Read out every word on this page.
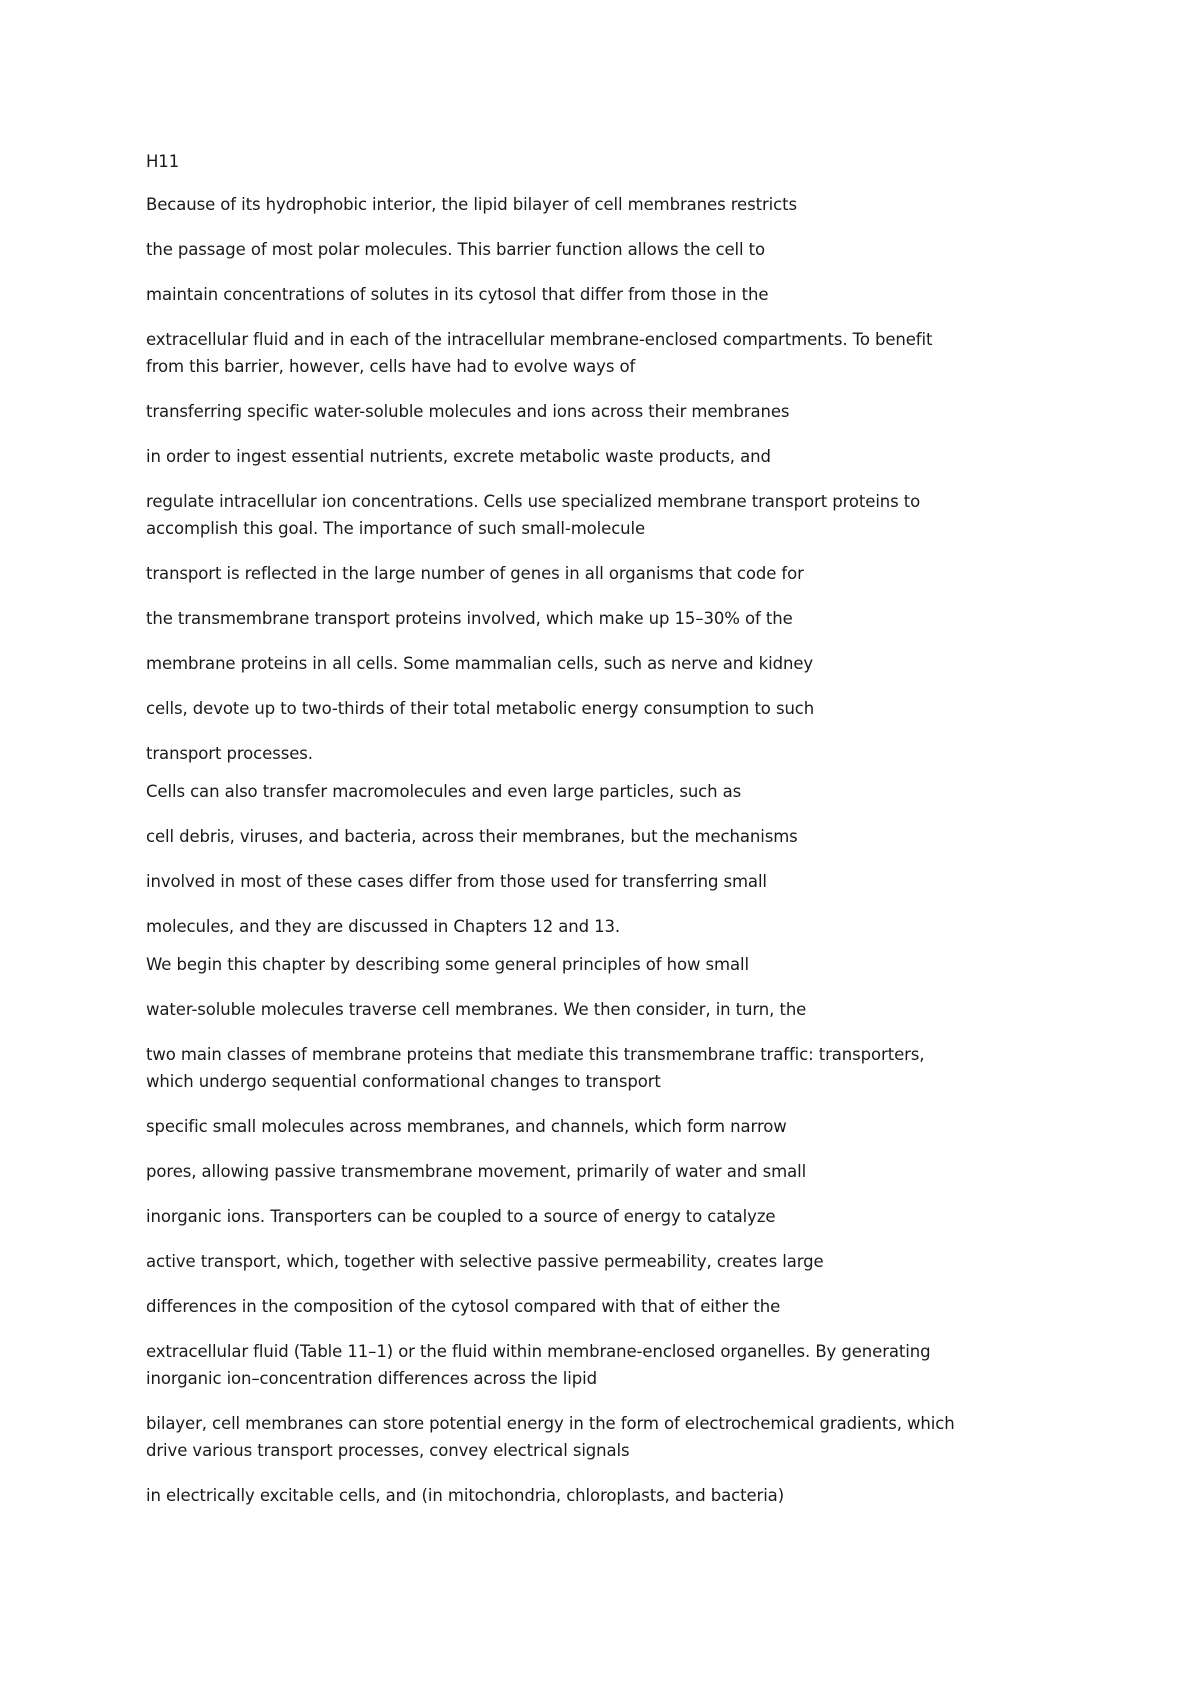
H11

Because of its hydrophobic interior, the lipid bilayer of cell membranes restricts

the passage of most polar molecules. This barrier function allows the cell to

maintain concentrations of solutes in its cytosol that differ from those in the

extracellular fluid and in each of the intracellular membrane-enclosed compartments. To benefit

from this barrier, however, cells have had to evolve ways of

transferring specific water-soluble molecules and ions across their membranes

in order to ingest essential nutrients, excrete metabolic waste products, and

regulate intracellular ion concentrations. Cells use specialized membrane transport proteins to

accomplish this goal. The importance of such small-molecule

transport is reflected in the large number of genes in all organisms that code for

the transmembrane transport proteins involved, which make up 15–30% of the

membrane proteins in all cells. Some mammalian cells, such as nerve and kidney

cells, devote up to two-thirds of their total metabolic energy consumption to such

transport processes.

Cells can also transfer macromolecules and even large particles, such as

cell debris, viruses, and bacteria, across their membranes, but the mechanisms

involved in most of these cases differ from those used for transferring small

molecules, and they are discussed in Chapters 12 and 13.

We begin this chapter by describing some general principles of how small

water-soluble molecules traverse cell membranes. We then consider, in turn, the

two main classes of membrane proteins that mediate this transmembrane traffic: transporters,

which undergo sequential conformational changes to transport

specific small molecules across membranes, and channels, which form narrow

pores, allowing passive transmembrane movement, primarily of water and small

inorganic ions. Transporters can be coupled to a source of energy to catalyze

active transport, which, together with selective passive permeability, creates large

differences in the composition of the cytosol compared with that of either the

extracellular fluid (Table 11–1) or the fluid within membrane-enclosed organelles. By generating

inorganic ion–concentration differences across the lipid

bilayer, cell membranes can store potential energy in the form of electrochemical gradients, which

drive various transport processes, convey electrical signals

in electrically excitable cells, and (in mitochondria, chloroplasts, and bacteria)
